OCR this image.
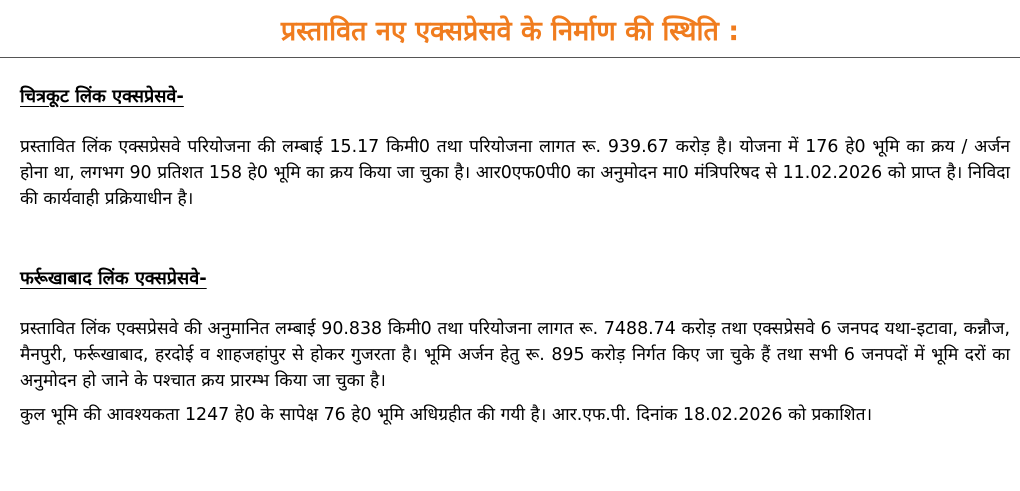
प्रस्तावित नए एक्सप्रेसवे के निर्माण की स्थिति :

चित्रकूट लिंक एक्सप्रेसवे-

प्रस्तावित लिंक एक्सप्रेसवे परियोजना की लम्बाई 15.17 किमी0 तथा परियोजना लागत रू. 939.67 करोड़ है। योजना में 176 हे0 भूमि का क्रय / अर्जन होना था, लगभग 90 प्रतिशत 158 हे0 भूमि का क्रय किया जा चुका है। आर0एफ0पी0 का अनुमोदन मा0 मंत्रिपरिषद से 11.02.2026 को प्राप्त है। निविदा की कार्यवाही प्रक्रियाधीन है।

फर्रूखाबाद लिंक एक्सप्रेसवे-

प्रस्तावित लिंक एक्सप्रेसवे की अनुमानित लम्बाई 90.838 किमी0 तथा परियोजना लागत रू. 7488.74 करोड़ तथा एक्सप्रेसवे 6 जनपद यथा-इटावा, कन्नौज, मैनपुरी, फर्रूखाबाद, हरदोई व शाहजहांपुर से होकर गुजरता है। भूमि अर्जन हेतु रू. 895 करोड़ निर्गत किए जा चुके हैं तथा सभी 6 जनपदों में भूमि दरों का अनुमोदन हो जाने के पश्चात क्रय प्रारम्भ किया जा चुका है।

कुल भूमि की आवश्यकता 1247 हे0 के सापेक्ष 76 हे0 भूमि अधिग्रहीत की गयी है। आर.एफ.पी. दिनांक 18.02.2026 को प्रकाशित।
